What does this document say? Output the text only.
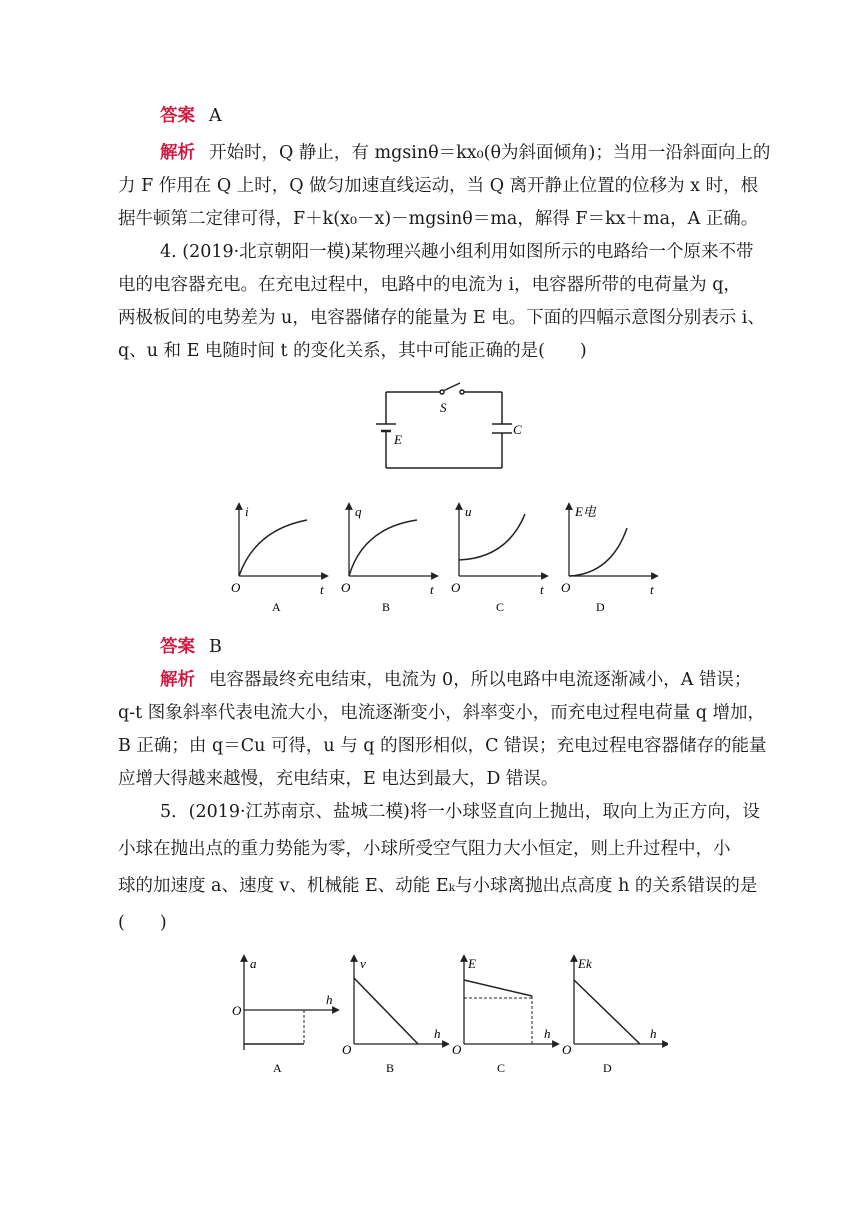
答案 A
解析 开始时，Q 静止，有 mgsinθ＝kx₀(θ为斜面倾角)；当用一沿斜面向上的
力 F 作用在 Q 上时，Q 做匀加速直线运动，当 Q 离开静止位置的位移为 x 时，根
据牛顿第二定律可得，F＋k(x₀－x)－mgsinθ＝ma，解得 F＝kx＋ma，A 正确。
4. (2019·北京朝阳一模)某物理兴趣小组利用如图所示的电路给一个原来不带
电的电容器充电。在充电过程中，电路中的电流为 i，电容器所带的电荷量为 q，
两极板间的电势差为 u，电容器储存的能量为 E 电。下面的四幅示意图分别表示 i、
q、u 和 E 电随时间 t 的变化关系，其中可能正确的是(　　)
S
E
C
i
t
O
A
q
t
O
B
u
t
O
C
E电
t
O
D
答案 B
解析 电容器最终充电结束，电流为 0，所以电路中电流逐渐减小，A 错误；
q-t 图象斜率代表电流大小，电流逐渐变小，斜率变小，而充电过程电荷量 q 增加，
B 正确；由 q＝Cu 可得，u 与 q 的图形相似，C 错误；充电过程电容器储存的能量
应增大得越来越慢，充电结束，E 电达到最大，D 错误。
5．(2019·江苏南京、盐城二模)将一小球竖直向上抛出，取向上为正方向，设
小球在抛出点的重力势能为零，小球所受空气阻力大小恒定，则上升过程中，小
球的加速度 a、速度 v、机械能 E、动能 Eₖ与小球离抛出点高度 h 的关系错误的是
(　　)
a
h
O
A
v
h
O
B
E
h
O
C
Ek
h
O
D
